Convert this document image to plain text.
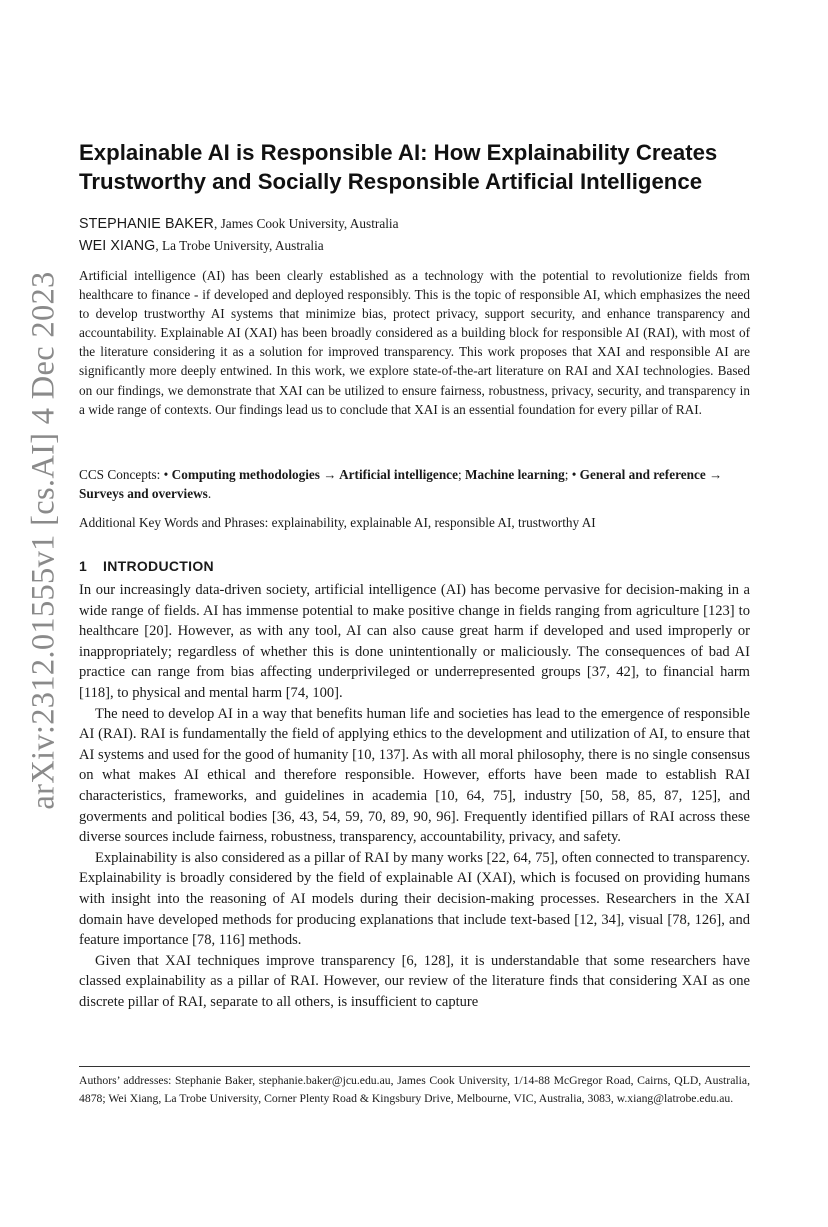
arXiv:2312.01555v1 [cs.AI] 4 Dec 2023
Explainable AI is Responsible AI: How Explainability Creates Trustworthy and Socially Responsible Artificial Intelligence
STEPHANIE BAKER, James Cook University, Australia
WEI XIANG, La Trobe University, Australia

Artificial intelligence (AI) has been clearly established as a technology with the potential to revolutionize fields from healthcare to finance - if developed and deployed responsibly. This is the topic of responsible AI, which emphasizes the need to develop trustworthy AI systems that minimize bias, protect privacy, support security, and enhance transparency and accountability. Explainable AI (XAI) has been broadly considered as a building block for responsible AI (RAI), with most of the literature considering it as a solution for improved transparency. This work proposes that XAI and responsible AI are significantly more deeply entwined. In this work, we explore state-of-the-art literature on RAI and XAI technologies. Based on our findings, we demonstrate that XAI can be utilized to ensure fairness, robustness, privacy, security, and transparency in a wide range of contexts. Our findings lead us to conclude that XAI is an essential foundation for every pillar of RAI.

CCS Concepts: • Computing methodologies → Artificial intelligence; Machine learning; • General and reference → Surveys and overviews.

Additional Key Words and Phrases: explainability, explainable AI, responsible AI, trustworthy AI

1 INTRODUCTION

In our increasingly data-driven society, artificial intelligence (AI) has become pervasive for decision-making in a wide range of fields. AI has immense potential to make positive change in fields ranging from agriculture [123] to healthcare [20]. However, as with any tool, AI can also cause great harm if developed and used improperly or inappropriately; regardless of whether this is done unintentionally or maliciously. The consequences of bad AI practice can range from bias affecting underprivileged or underrepresented groups [37, 42], to financial harm [118], to physical and mental harm [74, 100].

The need to develop AI in a way that benefits human life and societies has lead to the emergence of responsible AI (RAI). RAI is fundamentally the field of applying ethics to the development and utilization of AI, to ensure that AI systems and used for the good of humanity [10, 137]. As with all moral philosophy, there is no single consensus on what makes AI ethical and therefore responsible. However, efforts have been made to establish RAI characteristics, frameworks, and guidelines in academia [10, 64, 75], industry [50, 58, 85, 87, 125], and goverments and political bodies [36, 43, 54, 59, 70, 89, 90, 96]. Frequently identified pillars of RAI across these diverse sources include fairness, robustness, transparency, accountability, privacy, and safety.

Explainability is also considered as a pillar of RAI by many works [22, 64, 75], often connected to transparency. Explainability is broadly considered by the field of explainable AI (XAI), which is focused on providing humans with insight into the reasoning of AI models during their decision-making processes. Researchers in the XAI domain have developed methods for producing explanations that include text-based [12, 34], visual [78, 126], and feature importance [78, 116] methods.

Given that XAI techniques improve transparency [6, 128], it is understandable that some researchers have classed explainability as a pillar of RAI. However, our review of the literature finds that considering XAI as one discrete pillar of RAI, separate to all others, is insufficient to capture

Authors’ addresses: Stephanie Baker, stephanie.baker@jcu.edu.au, James Cook University, 1/14-88 McGregor Road, Cairns, QLD, Australia, 4878; Wei Xiang, La Trobe University, Corner Plenty Road & Kingsbury Drive, Melbourne, VIC, Australia, 3083, w.xiang@latrobe.edu.au.
